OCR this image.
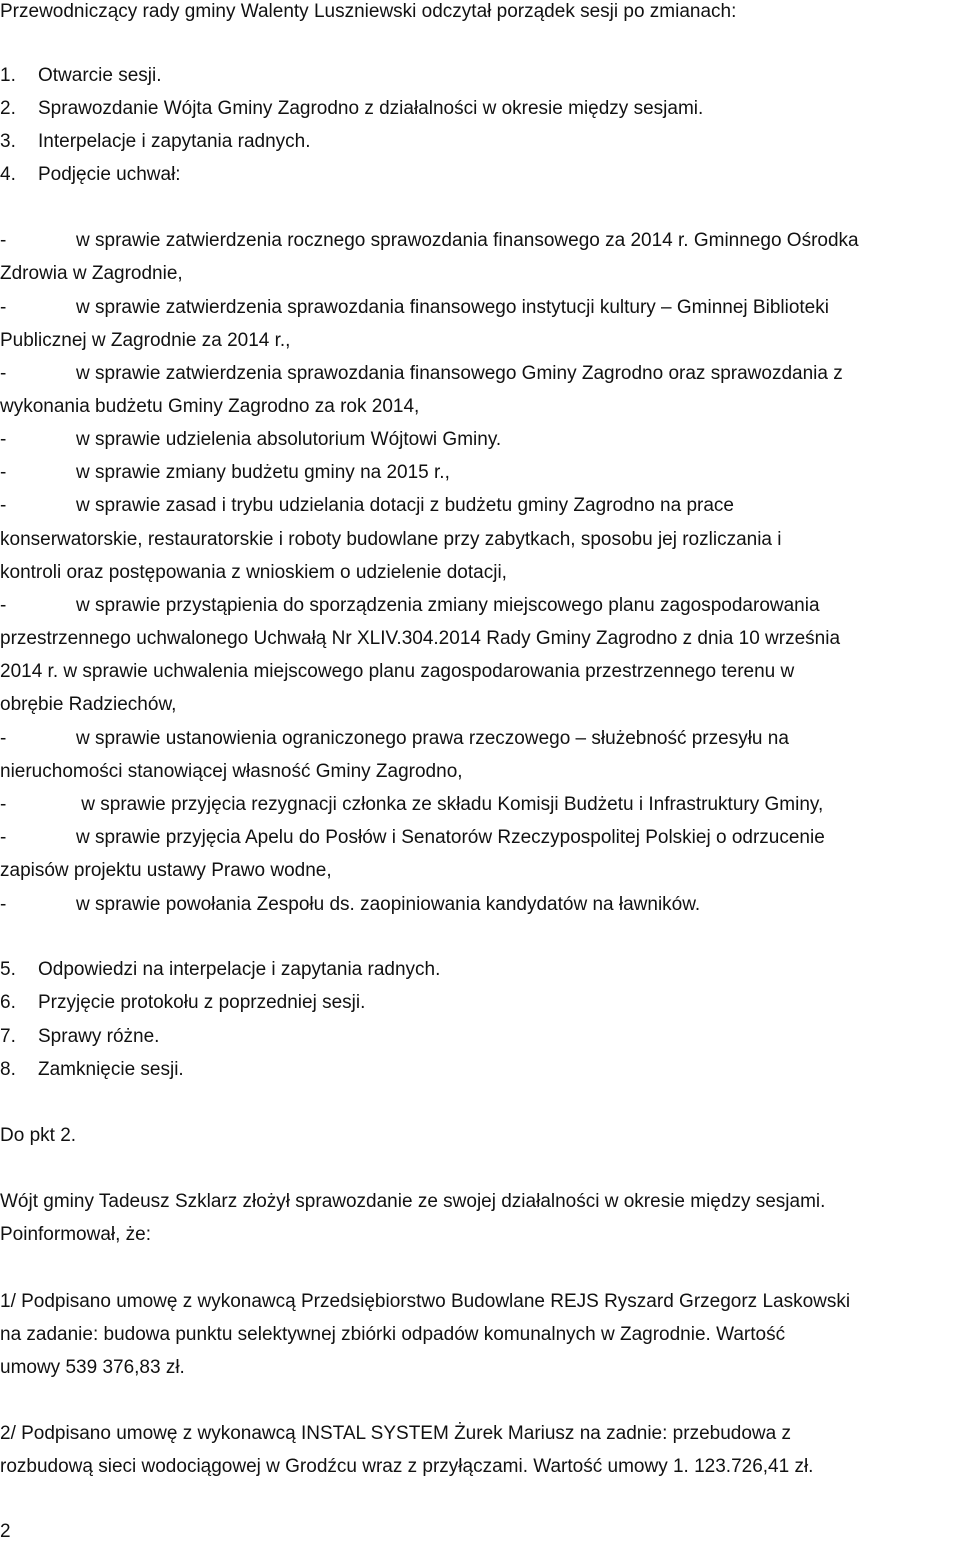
Przewodniczący rady gminy Walenty Luszniewski odczytał porządek sesji po zmianach:
1. Otwarcie sesji.
2. Sprawozdanie Wójta Gminy Zagrodno z działalności w okresie między sesjami.
3. Interpelacje i zapytania radnych.
4. Podjęcie uchwał:
-	w sprawie zatwierdzenia rocznego sprawozdania finansowego za 2014 r. Gminnego Ośrodka
Zdrowia w Zagrodnie,
-	w sprawie zatwierdzenia sprawozdania finansowego instytucji kultury – Gminnej Biblioteki
Publicznej w Zagrodnie za 2014 r.,
-	w sprawie zatwierdzenia sprawozdania finansowego Gminy Zagrodno oraz sprawozdania z
wykonania budżetu Gminy Zagrodno za rok 2014,
-	w sprawie udzielenia absolutorium Wójtowi Gminy.
-	w sprawie zmiany budżetu gminy na 2015 r.,
-	w sprawie zasad i trybu udzielania dotacji z budżetu gminy Zagrodno na prace
konserwatorskie, restauratorskie i roboty budowlane przy zabytkach, sposobu jej rozliczania i
kontroli oraz postępowania z wnioskiem o udzielenie dotacji,
-	w sprawie przystąpienia do sporządzenia zmiany miejscowego planu zagospodarowania
przestrzennego uchwalonego Uchwałą Nr XLIV.304.2014 Rady Gminy Zagrodno z dnia 10 września
2014 r. w sprawie uchwalenia miejscowego planu zagospodarowania przestrzennego terenu w
obrębie Radziechów,
-	w sprawie ustanowienia ograniczonego prawa rzeczowego – służebność przesyłu na
nieruchomości stanowiącej własność Gminy Zagrodno,
-	w sprawie przyjęcia rezygnacji członka ze składu Komisji Budżetu i Infrastruktury Gminy,
-	w sprawie przyjęcia Apelu do Posłów i Senatorów Rzeczypospolitej Polskiej o odrzucenie
zapisów projektu ustawy Prawo wodne,
-	w sprawie powołania Zespołu ds. zaopiniowania kandydatów na ławników.
5. Odpowiedzi na interpelacje i zapytania radnych.
6. Przyjęcie protokołu z poprzedniej sesji.
7. Sprawy różne.
8. Zamknięcie sesji.
Do pkt 2.
Wójt gminy Tadeusz Szklarz złożył sprawozdanie ze swojej działalności w okresie między sesjami.
Poinformował, że:
1/ Podpisano umowę z wykonawcą Przedsiębiorstwo Budowlane REJS Ryszard Grzegorz Laskowski
na zadanie: budowa punktu selektywnej zbiórki odpadów komunalnych w Zagrodnie. Wartość
umowy 539 376,83 zł.
2/ Podpisano umowę z wykonawcą INSTAL SYSTEM Żurek Mariusz na zadnie: przebudowa z
rozbudową sieci wodociągowej w Grodźcu wraz z przyłączami. Wartość umowy 1. 123.726,41 zł.
2
